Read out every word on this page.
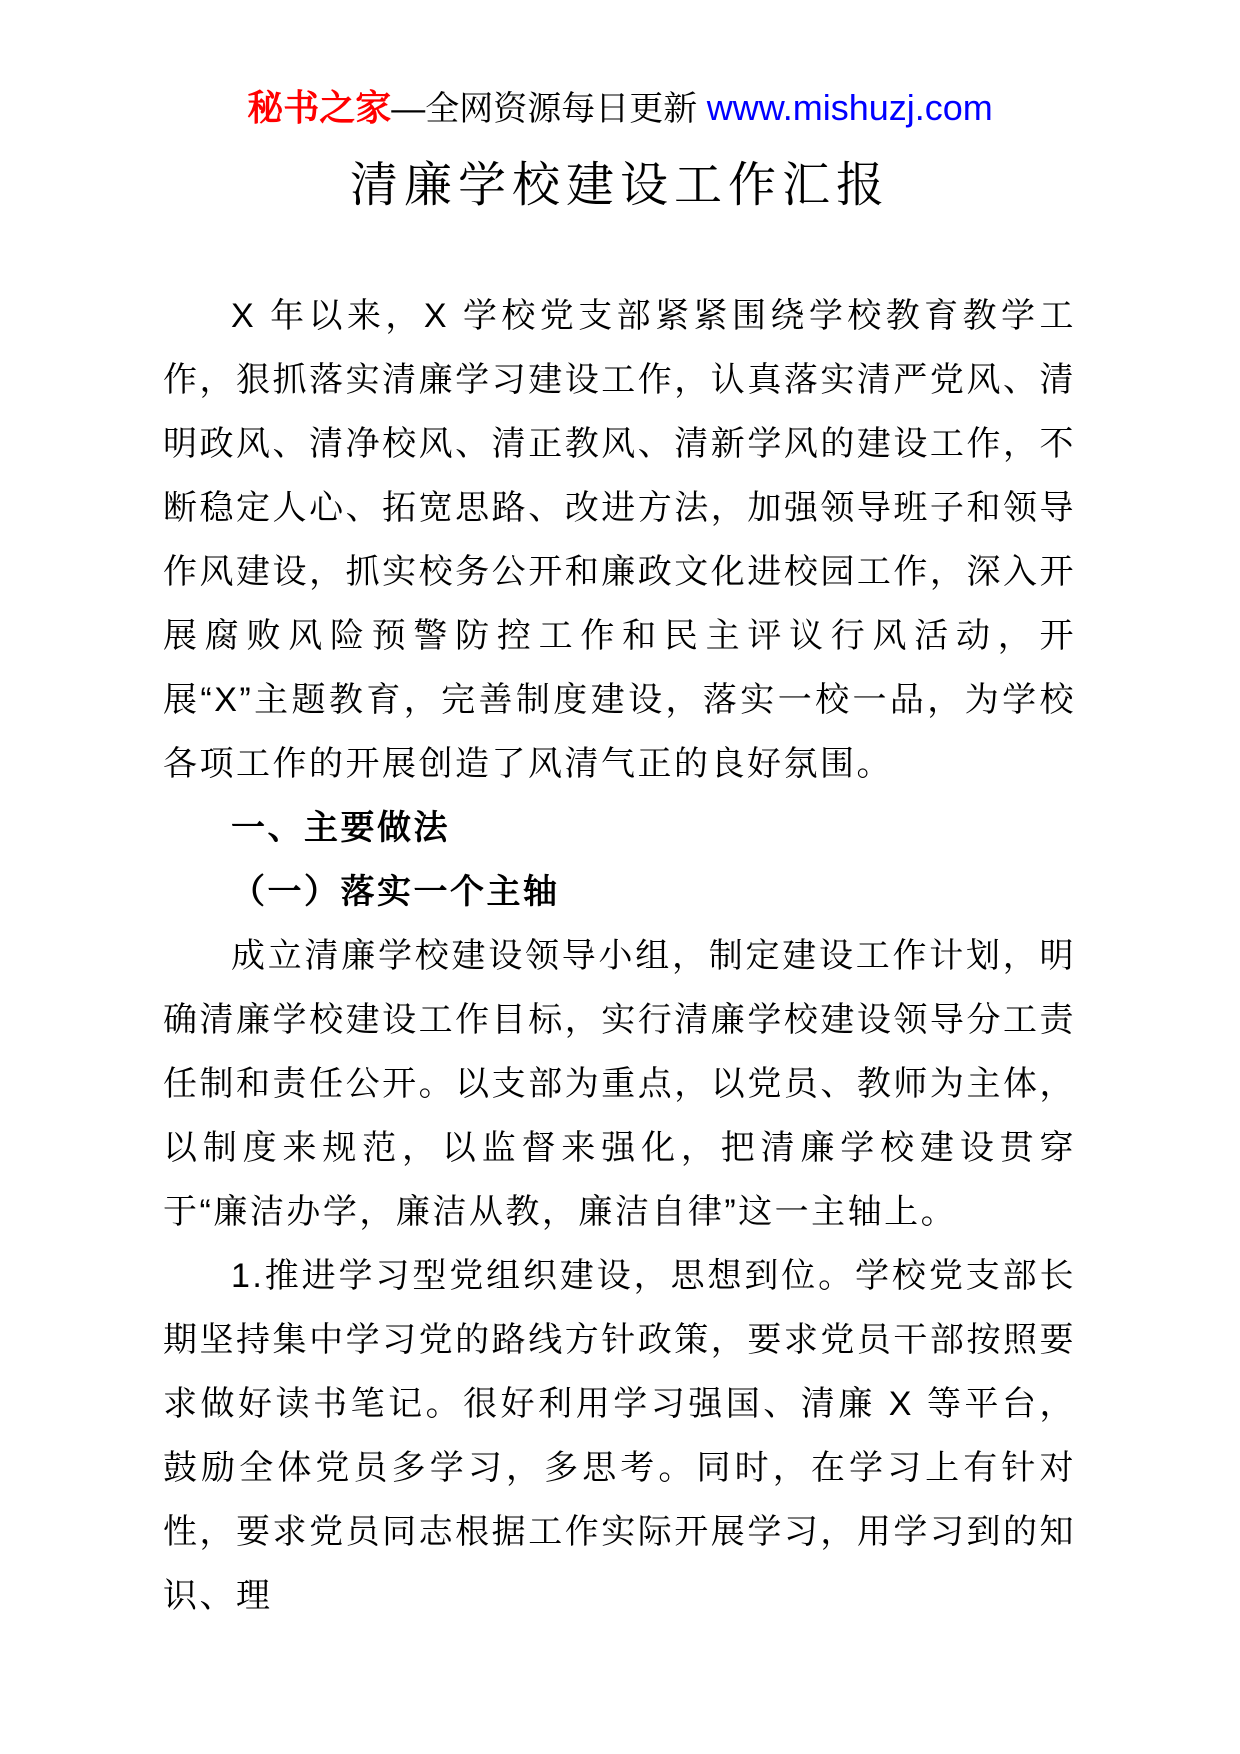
秘书之家—全网资源每日更新 www.mishuzj.com
清廉学校建设工作汇报

X 年以来，X 学校党支部紧紧围绕学校教育教学工作，狠抓落实清廉学习建设工作，认真落实清严党风、清明政风、清净校风、清正教风、清新学风的建设工作，不断稳定人心、拓宽思路、改进方法，加强领导班子和领导作风建设，抓实校务公开和廉政文化进校园工作，深入开展腐败风险预警防控工作和民主评议行风活动，开展“X”主题教育，完善制度建设，落实一校一品，为学校各项工作的开展创造了风清气正的良好氛围。

一、主要做法

（一）落实一个主轴

成立清廉学校建设领导小组，制定建设工作计划，明确清廉学校建设工作目标，实行清廉学校建设领导分工责任制和责任公开。以支部为重点，以党员、教师为主体，以制度来规范，以监督来强化，把清廉学校建设贯穿于“廉洁办学，廉洁从教，廉洁自律”这一主轴上。

1.推进学习型党组织建设，思想到位。学校党支部长期坚持集中学习党的路线方针政策，要求党员干部按照要求做好读书笔记。很好利用学习强国、清廉 X 等平台，鼓励全体党员多学习，多思考。同时，在学习上有针对性，要求党员同志根据工作实际开展学习，用学习到的知识、理
